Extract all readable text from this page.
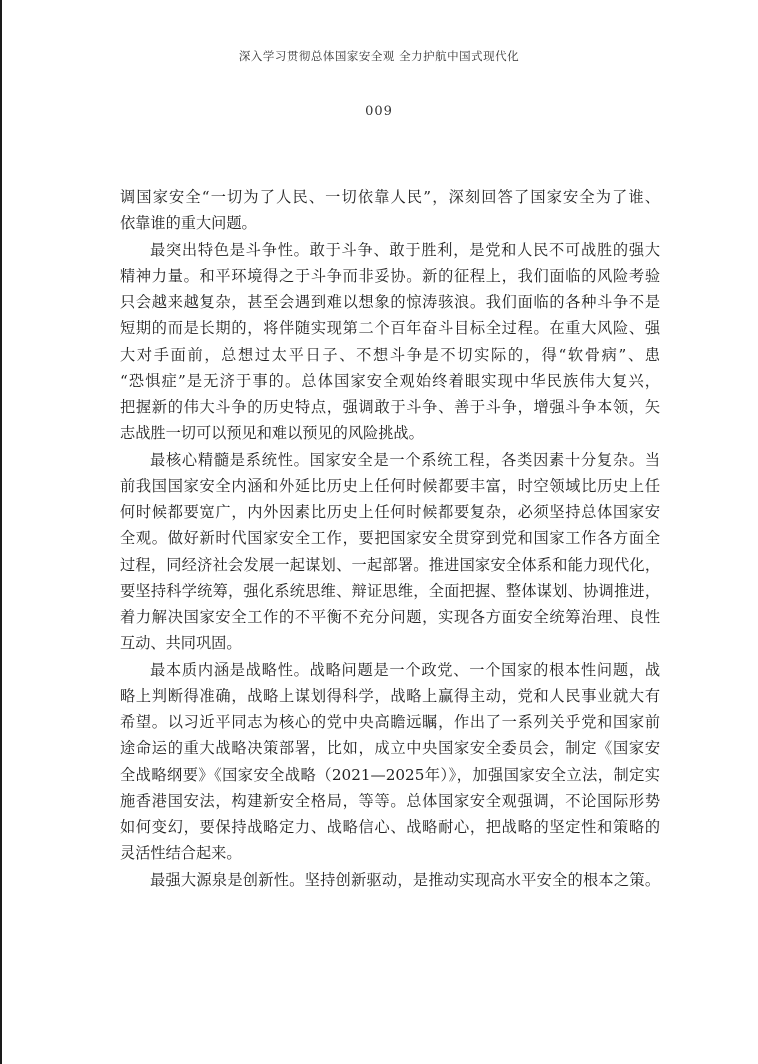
深入学习贯彻总体国家安全观 全力护航中国式现代化
009
调国家安全“一切为了人民、一切依靠人民”，深刻回答了国家安全为了谁、
依靠谁的重大问题。
最突出特色是斗争性。敢于斗争、敢于胜利，是党和人民不可战胜的强大
精神力量。和平环境得之于斗争而非妥协。新的征程上，我们面临的风险考验
只会越来越复杂，甚至会遇到难以想象的惊涛骇浪。我们面临的各种斗争不是
短期的而是长期的，将伴随实现第二个百年奋斗目标全过程。在重大风险、强
大对手面前，总想过太平日子、不想斗争是不切实际的，得“软骨病”、患
“恐惧症”是无济于事的。总体国家安全观始终着眼实现中华民族伟大复兴，
把握新的伟大斗争的历史特点，强调敢于斗争、善于斗争，增强斗争本领，矢
志战胜一切可以预见和难以预见的风险挑战。
最核心精髓是系统性。国家安全是一个系统工程，各类因素十分复杂。当
前我国国家安全内涵和外延比历史上任何时候都要丰富，时空领域比历史上任
何时候都要宽广，内外因素比历史上任何时候都要复杂，必须坚持总体国家安
全观。做好新时代国家安全工作，要把国家安全贯穿到党和国家工作各方面全
过程，同经济社会发展一起谋划、一起部署。推进国家安全体系和能力现代化，
要坚持科学统筹，强化系统思维、辩证思维，全面把握、整体谋划、协调推进，
着力解决国家安全工作的不平衡不充分问题，实现各方面安全统筹治理、良性
互动、共同巩固。
最本质内涵是战略性。战略问题是一个政党、一个国家的根本性问题，战
略上判断得准确，战略上谋划得科学，战略上赢得主动，党和人民事业就大有
希望。以习近平同志为核心的党中央高瞻远瞩，作出了一系列关乎党和国家前
途命运的重大战略决策部署，比如，成立中央国家安全委员会，制定《国家安
全战略纲要》《国家安全战略（2021—2025年）》，加强国家安全立法，制定实
施香港国安法，构建新安全格局，等等。总体国家安全观强调，不论国际形势
如何变幻，要保持战略定力、战略信心、战略耐心，把战略的坚定性和策略的
灵活性结合起来。
最强大源泉是创新性。坚持创新驱动，是推动实现高水平安全的根本之策。
